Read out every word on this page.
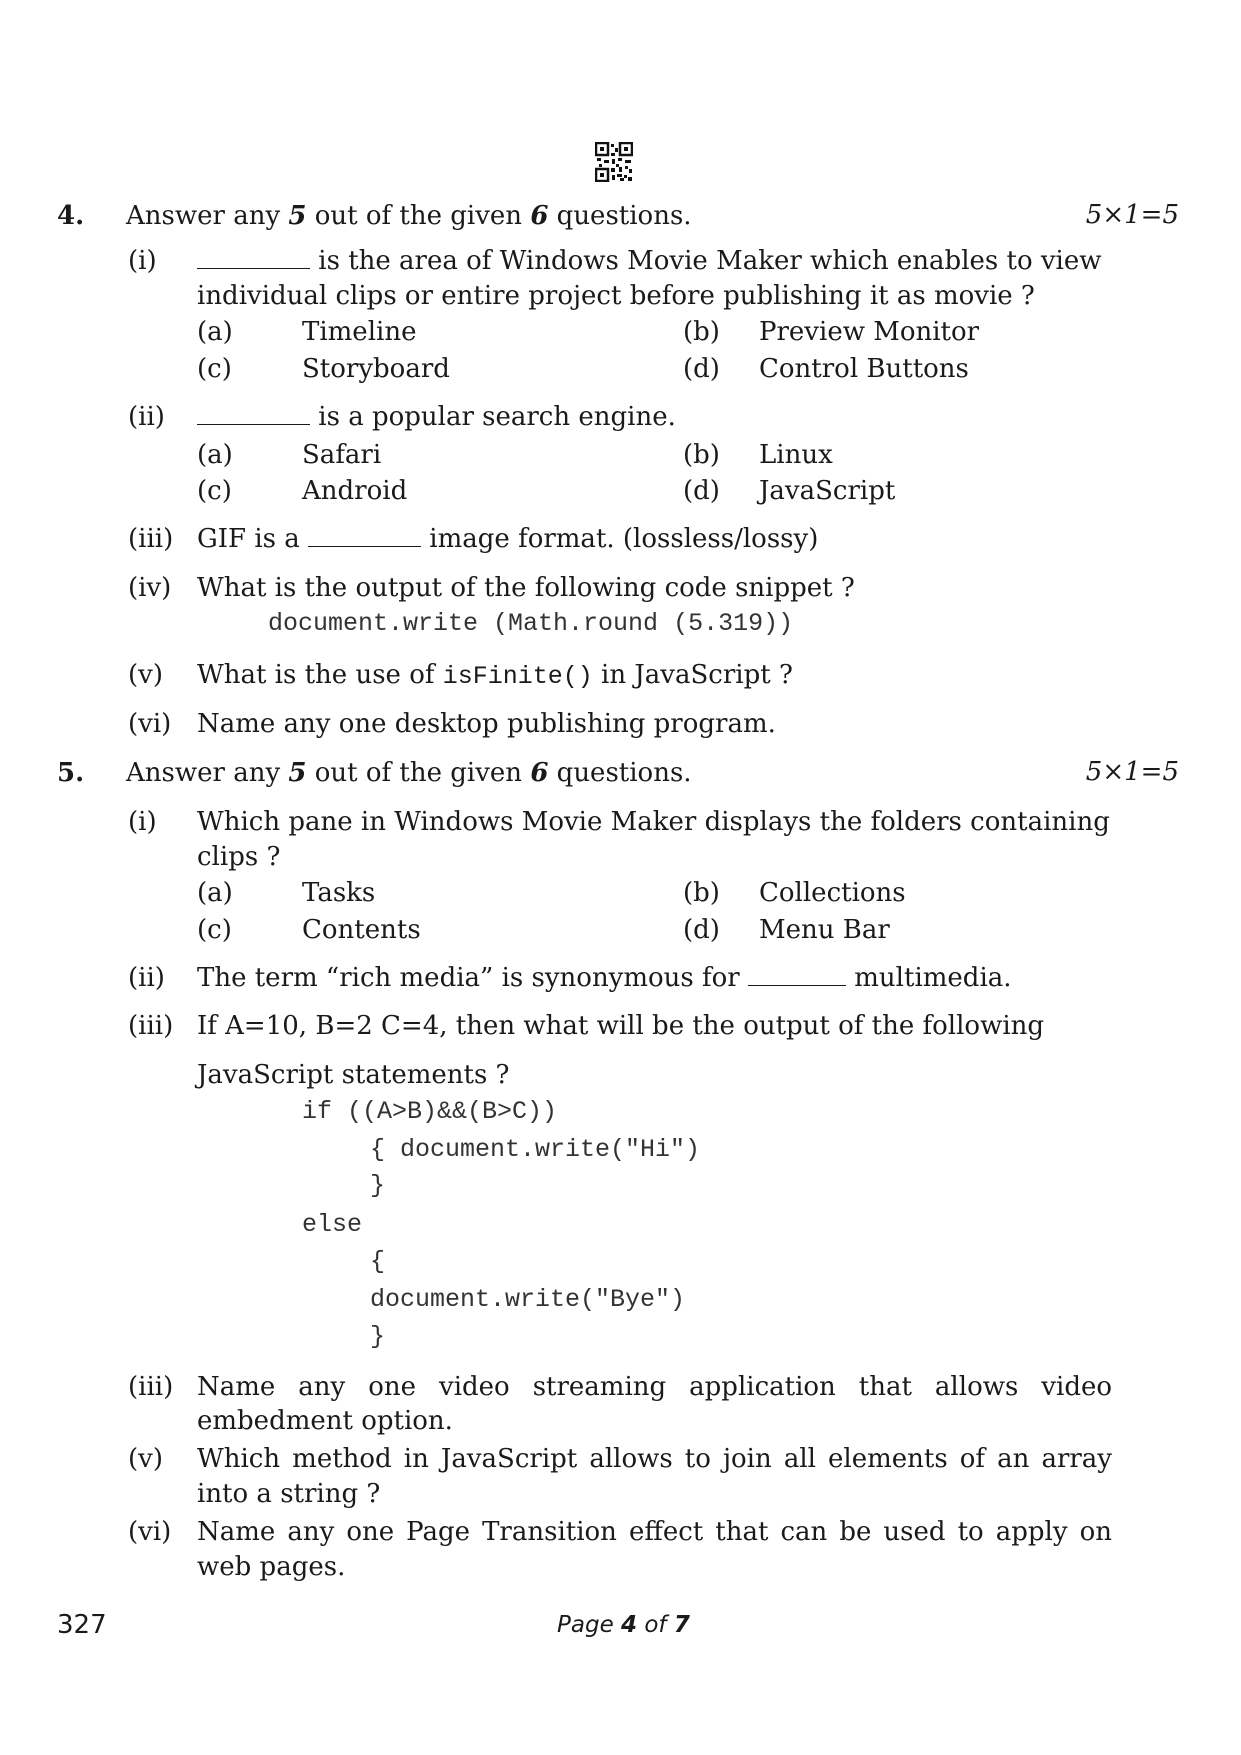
4. Answer any 5 out of the given 6 questions.	5×1=5
(i)	is the area of Windows Movie Maker which enables to view
individual clips or entire project before publishing it as movie ?
(a)	Timeline	(b) Preview Monitor
(c)	Storyboard	(d) Control Buttons
(ii)	is a popular search engine.
(a)	Safari	(b) Linux
(c)	Android	(d) JavaScript
(iii) GIF is a	image format. (lossless/lossy)
(iv) What is the output of the following code snippet ?
document.write (Math.round (5.319))
(v) What is the use of isFinite() in JavaScript ?
(vi) Name any one desktop publishing program.
5. Answer any 5 out of the given 6 questions.	5×1=5
(i) Which pane in Windows Movie Maker displays the folders containing
clips ?
(a)	Tasks	(b) Collections
(c)	Contents	(d) Menu Bar
(ii) The term “rich media” is synonymous for	multimedia.
(iii) If A=10, B=2 C=4, then what will be the output of the following
JavaScript statements ?
if ((A>B)&&(B>C))
{ document.write("Hi")
}
else
{
document.write("Bye")
}
(iii) Name any one video streaming application that allows video
embedment option.
(v) Which method in JavaScript allows to join all elements of an array
into a string ?
(vi) Name any one Page Transition effect that can be used to apply on
web pages.
327	Page 4 of 7
